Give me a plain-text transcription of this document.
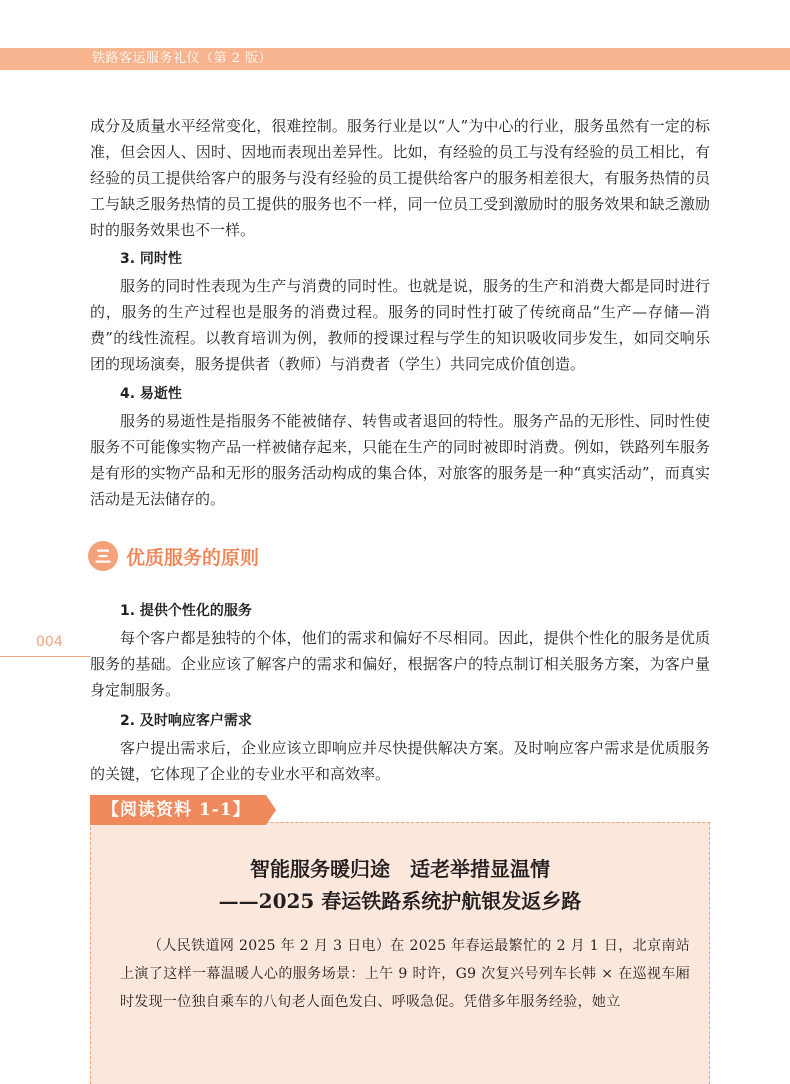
铁路客运服务礼仪（第 2 版）
成分及质量水平经常变化，很难控制。服务行业是以“人”为中心的行业，服务虽然有一定的标准，但会因人、因时、因地而表现出差异性。比如，有经验的员工与没有经验的员工相比，有经验的员工提供给客户的服务与没有经验的员工提供给客户的服务相差很大，有服务热情的员工与缺乏服务热情的员工提供的服务也不一样，同一位员工受到激励时的服务效果和缺乏激励时的服务效果也不一样。
3. 同时性
服务的同时性表现为生产与消费的同时性。也就是说，服务的生产和消费大都是同时进行的，服务的生产过程也是服务的消费过程。服务的同时性打破了传统商品“生产—存储—消费”的线性流程。以教育培训为例，教师的授课过程与学生的知识吸收同步发生，如同交响乐团的现场演奏，服务提供者（教师）与消费者（学生）共同完成价值创造。
4. 易逝性
服务的易逝性是指服务不能被储存、转售或者退回的特性。服务产品的无形性、同时性使服务不可能像实物产品一样被储存起来，只能在生产的同时被即时消费。例如，铁路列车服务是有形的实物产品和无形的服务活动构成的集合体，对旅客的服务是一种“真实活动”，而真实活动是无法储存的。
优质服务的原则
004
1. 提供个性化的服务
每个客户都是独特的个体，他们的需求和偏好不尽相同。因此，提供个性化的服务是优质服务的基础。企业应该了解客户的需求和偏好，根据客户的特点制订相关服务方案，为客户量身定制服务。
2. 及时响应客户需求
客户提出需求后，企业应该立即响应并尽快提供解决方案。及时响应客户需求是优质服务的关键，它体现了企业的专业水平和高效率。
【阅读资料 1-1】
智能服务暖归途　适老举措显温情
——2025 春运铁路系统护航银发返乡路
（人民铁道网 2025 年 2 月 3 日电）在 2025 年春运最繁忙的 2 月 1 日，北京南站上演了这样一幕温暖人心的服务场景：上午 9 时许，G9 次复兴号列车长韩 × 在巡视车厢时发现一位独自乘车的八旬老人面色发白、呼吸急促。凭借多年服务经验，她立
